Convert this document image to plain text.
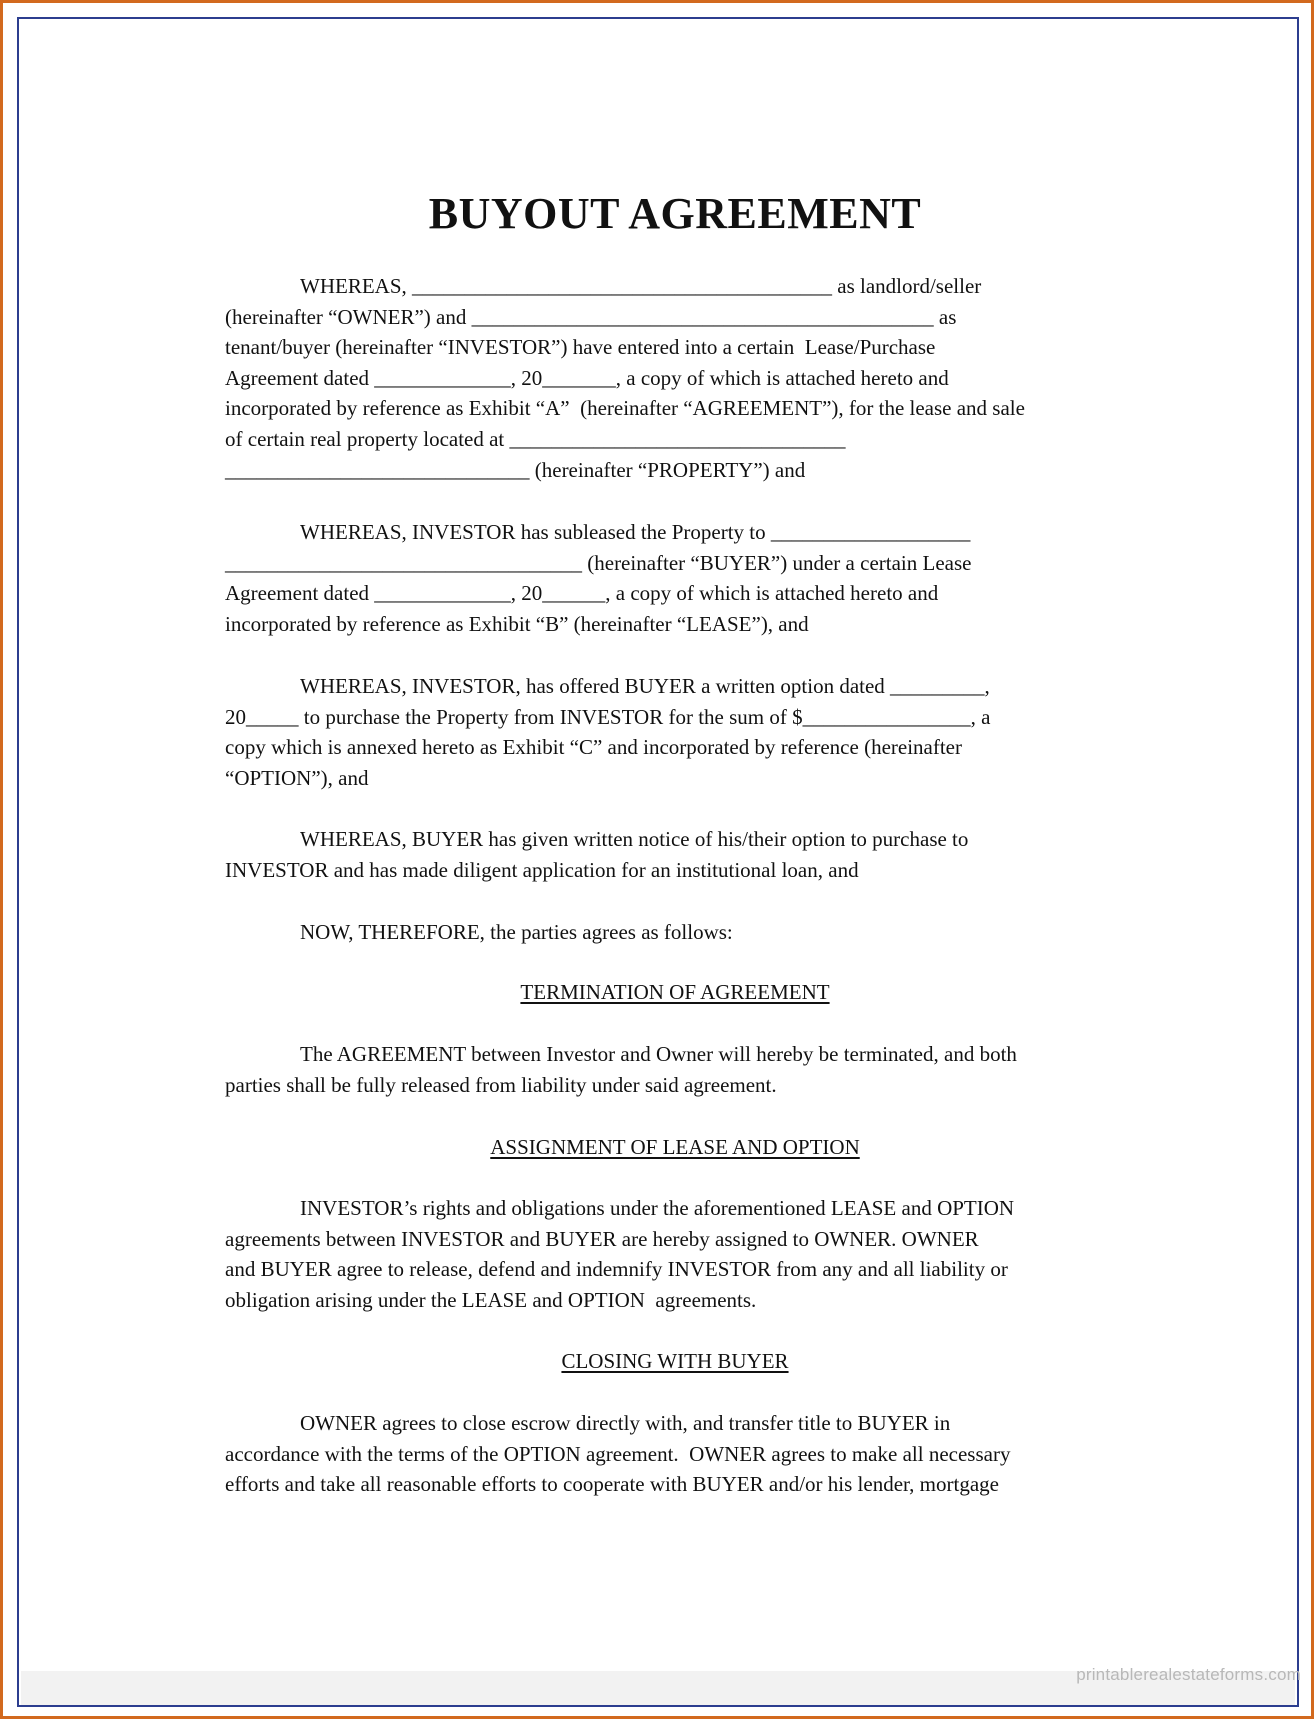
BUYOUT AGREEMENT
WHEREAS, ________________________________________ as landlord/seller
(hereinafter “OWNER”) and ____________________________________________ as
tenant/buyer (hereinafter “INVESTOR”) have entered into a certain  Lease/Purchase
Agreement dated _____________, 20_______, a copy of which is attached hereto and
incorporated by reference as Exhibit “A”  (hereinafter “AGREEMENT”), for the lease and sale
of certain real property located at ________________________________
_____________________________ (hereinafter “PROPERTY”) and
WHEREAS, INVESTOR has subleased the Property to ___________________
__________________________________ (hereinafter “BUYER”) under a certain Lease
Agreement dated _____________, 20______, a copy of which is attached hereto and
incorporated by reference as Exhibit “B” (hereinafter “LEASE”), and
WHEREAS, INVESTOR, has offered BUYER a written option dated _________,
20_____ to purchase the Property from INVESTOR for the sum of $________________, a
copy which is annexed hereto as Exhibit “C” and incorporated by reference (hereinafter
“OPTION”), and
WHEREAS, BUYER has given written notice of his/their option to purchase to
INVESTOR and has made diligent application for an institutional loan, and
NOW, THEREFORE, the parties agrees as follows:
TERMINATION OF AGREEMENT
The AGREEMENT between Investor and Owner will hereby be terminated, and both
parties shall be fully released from liability under said agreement.
ASSIGNMENT OF LEASE AND OPTION
INVESTOR’s rights and obligations under the aforementioned LEASE and OPTION
agreements between INVESTOR and BUYER are hereby assigned to OWNER. OWNER
and BUYER agree to release, defend and indemnify INVESTOR from any and all liability or
obligation arising under the LEASE and OPTION  agreements.
CLOSING WITH BUYER
OWNER agrees to close escrow directly with, and transfer title to BUYER in
accordance with the terms of the OPTION agreement.  OWNER agrees to make all necessary
efforts and take all reasonable efforts to cooperate with BUYER and/or his lender, mortgage
printablerealestateforms.com
